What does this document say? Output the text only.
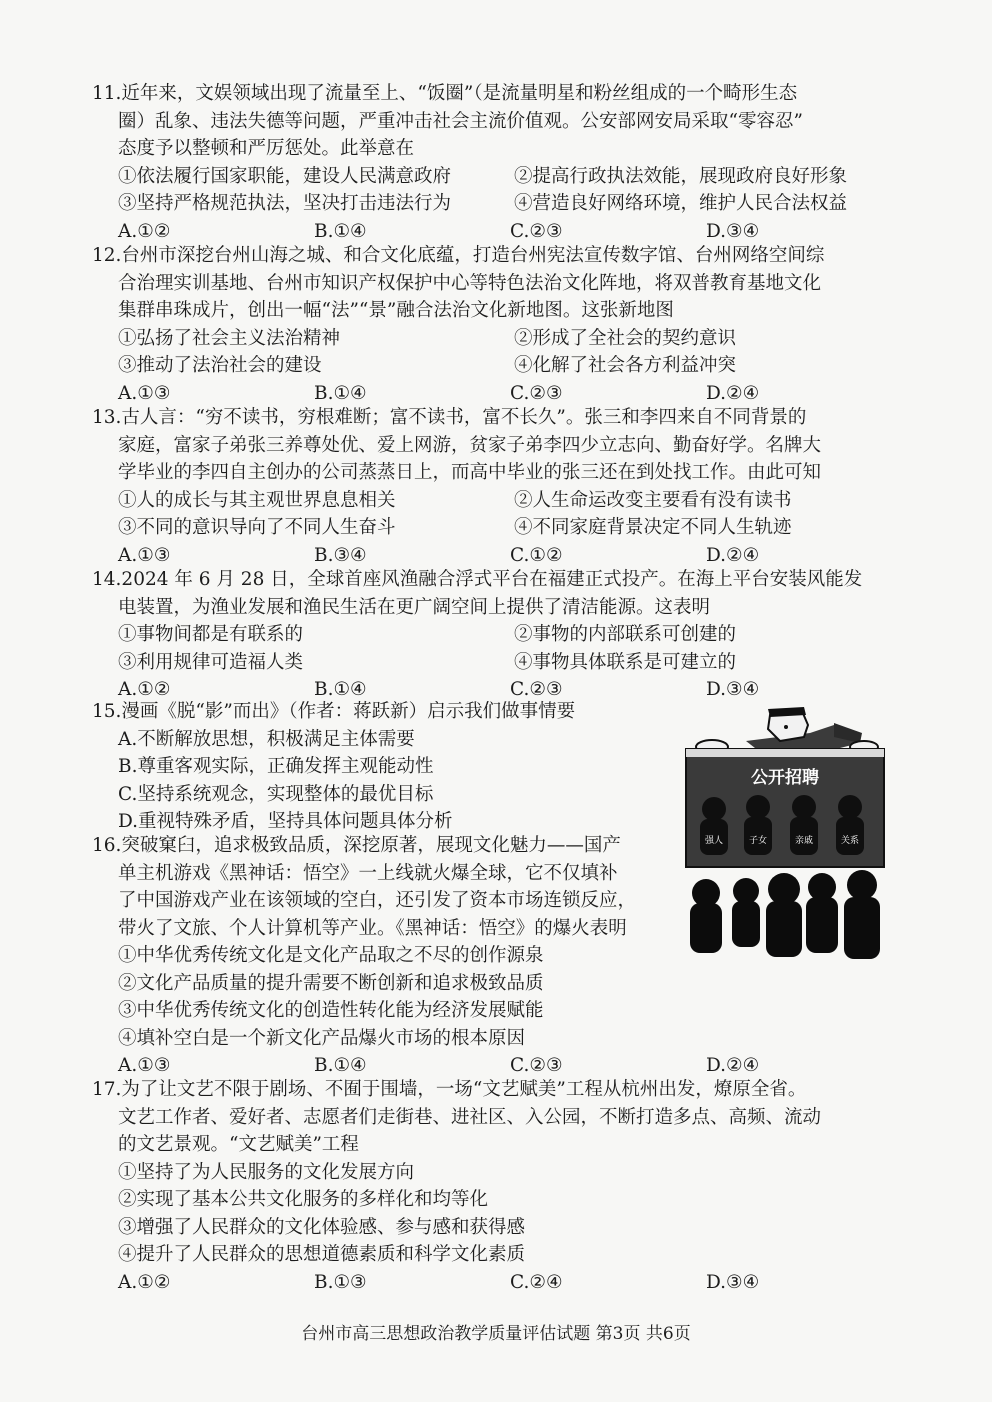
11.近年来，文娱领域出现了流量至上、“饭圈”（是流量明星和粉丝组成的一个畸形生态
圈）乱象、违法失德等问题，严重冲击社会主流价值观。公安部网安局采取“零容忍”
态度予以整顿和严厉惩处。此举意在
①依法履行国家职能，建设人民满意政府	②提高行政执法效能，展现政府良好形象
③坚持严格规范执法，坚决打击违法行为	④营造良好网络环境，维护人民合法权益
A.①②	B.①④	C.②③	D.③④
12.台州市深挖台州山海之城、和合文化底蕴，打造台州宪法宣传数字馆、台州网络空间综
合治理实训基地、台州市知识产权保护中心等特色法治文化阵地，将双普教育基地文化
集群串珠成片，创出一幅“法”“景”融合法治文化新地图。这张新地图
①弘扬了社会主义法治精神	②形成了全社会的契约意识
③推动了法治社会的建设	④化解了社会各方利益冲突
A.①③	B.①④	C.②③	D.②④
13.古人言：“穷不读书，穷根难断；富不读书，富不长久”。张三和李四来自不同背景的
家庭，富家子弟张三养尊处优、爱上网游，贫家子弟李四少立志向、勤奋好学。名牌大
学毕业的李四自主创办的公司蒸蒸日上，而高中毕业的张三还在到处找工作。由此可知
①人的成长与其主观世界息息相关	②人生命运改变主要看有没有读书
③不同的意识导向了不同人生奋斗	④不同家庭背景决定不同人生轨迹
A.①③	B.③④	C.①②	D.②④
14.2024 年 6 月 28 日，全球首座风渔融合浮式平台在福建正式投产。在海上平台安装风能发
电装置，为渔业发展和渔民生活在更广阔空间上提供了清洁能源。这表明
①事物间都是有联系的	②事物的内部联系可创建的
③利用规律可造福人类	④事物具体联系是可建立的
A.①②	B.①④	C.②③	D.③④
15.漫画《脱“影”而出》（作者：蒋跃新）启示我们做事情要
A.不断解放思想，积极满足主体需要
B.尊重客观实际，正确发挥主观能动性
C.坚持系统观念，实现整体的最优目标
D.重视特殊矛盾，坚持具体问题具体分析
16.突破窠臼，追求极致品质，深挖原著，展现文化魅力——国产
单主机游戏《黑神话：悟空》一上线就火爆全球，它不仅填补
了中国游戏产业在该领域的空白，还引发了资本市场连锁反应，
带火了文旅、个人计算机等产业。《黑神话：悟空》的爆火表明
①中华优秀传统文化是文化产品取之不尽的创作源泉
②文化产品质量的提升需要不断创新和追求极致品质
③中华优秀传统文化的创造性转化能为经济发展赋能
④填补空白是一个新文化产品爆火市场的根本原因
A.①③	B.①④	C.②③	D.②④
17.为了让文艺不限于剧场、不囿于围墙，一场“文艺赋美”工程从杭州出发，燎原全省。
文艺工作者、爱好者、志愿者们走街巷、进社区、入公园，不断打造多点、高频、流动
的文艺景观。“文艺赋美”工程
①坚持了为人民服务的文化发展方向
②实现了基本公共文化服务的多样化和均等化
③增强了人民群众的文化体验感、参与感和获得感
④提升了人民群众的思想道德素质和科学文化素质
A.①②	B.①③	C.②④	D.③④
公开招聘
强人	子女	亲戚	关系
台州市高三思想政治教学质量评估试题 第3页 共6页
